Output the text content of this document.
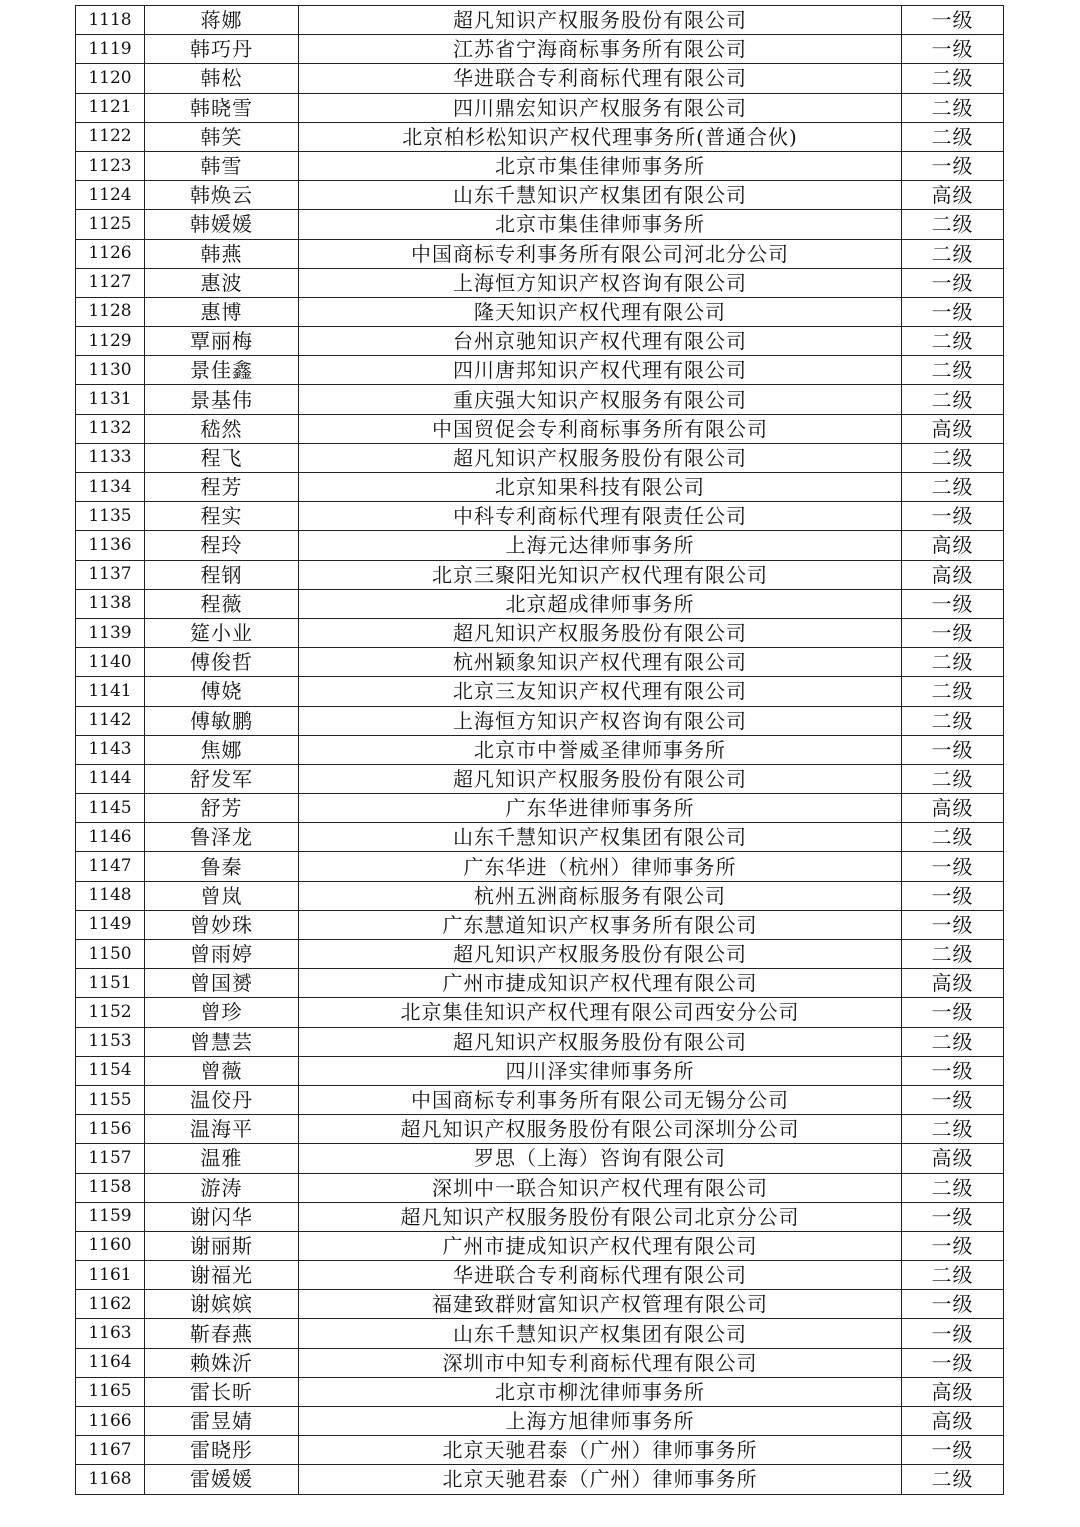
1118	蒋娜	超凡知识产权服务股份有限公司	一级
1119	韩巧丹	江苏省宁海商标事务所有限公司	一级
1120	韩松	华进联合专利商标代理有限公司	二级
1121	韩晓雪	四川鼎宏知识产权服务有限公司	二级
1122	韩笑	北京柏杉松知识产权代理事务所(普通合伙)	二级
1123	韩雪	北京市集佳律师事务所	一级
1124	韩焕云	山东千慧知识产权集团有限公司	高级
1125	韩媛媛	北京市集佳律师事务所	二级
1126	韩燕	中国商标专利事务所有限公司河北分公司	二级
1127	惠波	上海恒方知识产权咨询有限公司	一级
1128	惠博	隆天知识产权代理有限公司	一级
1129	覃丽梅	台州京驰知识产权代理有限公司	二级
1130	景佳鑫	四川唐邦知识产权代理有限公司	二级
1131	景基伟	重庆强大知识产权服务有限公司	二级
1132	嵇然	中国贸促会专利商标事务所有限公司	高级
1133	程飞	超凡知识产权服务股份有限公司	二级
1134	程芳	北京知果科技有限公司	二级
1135	程实	中科专利商标代理有限责任公司	一级
1136	程玲	上海元达律师事务所	高级
1137	程钢	北京三聚阳光知识产权代理有限公司	高级
1138	程薇	北京超成律师事务所	一级
1139	筵小业	超凡知识产权服务股份有限公司	一级
1140	傅俊哲	杭州颖象知识产权代理有限公司	二级
1141	傅娆	北京三友知识产权代理有限公司	二级
1142	傅敏鹏	上海恒方知识产权咨询有限公司	二级
1143	焦娜	北京市中誉威圣律师事务所	一级
1144	舒发军	超凡知识产权服务股份有限公司	二级
1145	舒芳	广东华进律师事务所	高级
1146	鲁泽龙	山东千慧知识产权集团有限公司	二级
1147	鲁秦	广东华进（杭州）律师事务所	一级
1148	曾岚	杭州五洲商标服务有限公司	一级
1149	曾妙珠	广东慧道知识产权事务所有限公司	一级
1150	曾雨婷	超凡知识产权服务股份有限公司	二级
1151	曾国赟	广州市捷成知识产权代理有限公司	高级
1152	曾珍	北京集佳知识产权代理有限公司西安分公司	一级
1153	曾慧芸	超凡知识产权服务股份有限公司	二级
1154	曾薇	四川泽实律师事务所	一级
1155	温佼丹	中国商标专利事务所有限公司无锡分公司	一级
1156	温海平	超凡知识产权服务股份有限公司深圳分公司	二级
1157	温雅	罗思（上海）咨询有限公司	高级
1158	游涛	深圳中一联合知识产权代理有限公司	二级
1159	谢闪华	超凡知识产权服务股份有限公司北京分公司	一级
1160	谢丽斯	广州市捷成知识产权代理有限公司	一级
1161	谢福光	华进联合专利商标代理有限公司	二级
1162	谢嫔嫔	福建致群财富知识产权管理有限公司	一级
1163	靳春燕	山东千慧知识产权集团有限公司	一级
1164	赖姝沂	深圳市中知专利商标代理有限公司	一级
1165	雷长昕	北京市柳沈律师事务所	高级
1166	雷昱婧	上海方旭律师事务所	高级
1167	雷晓彤	北京天驰君泰（广州）律师事务所	一级
1168	雷媛媛	北京天驰君泰（广州）律师事务所	二级
